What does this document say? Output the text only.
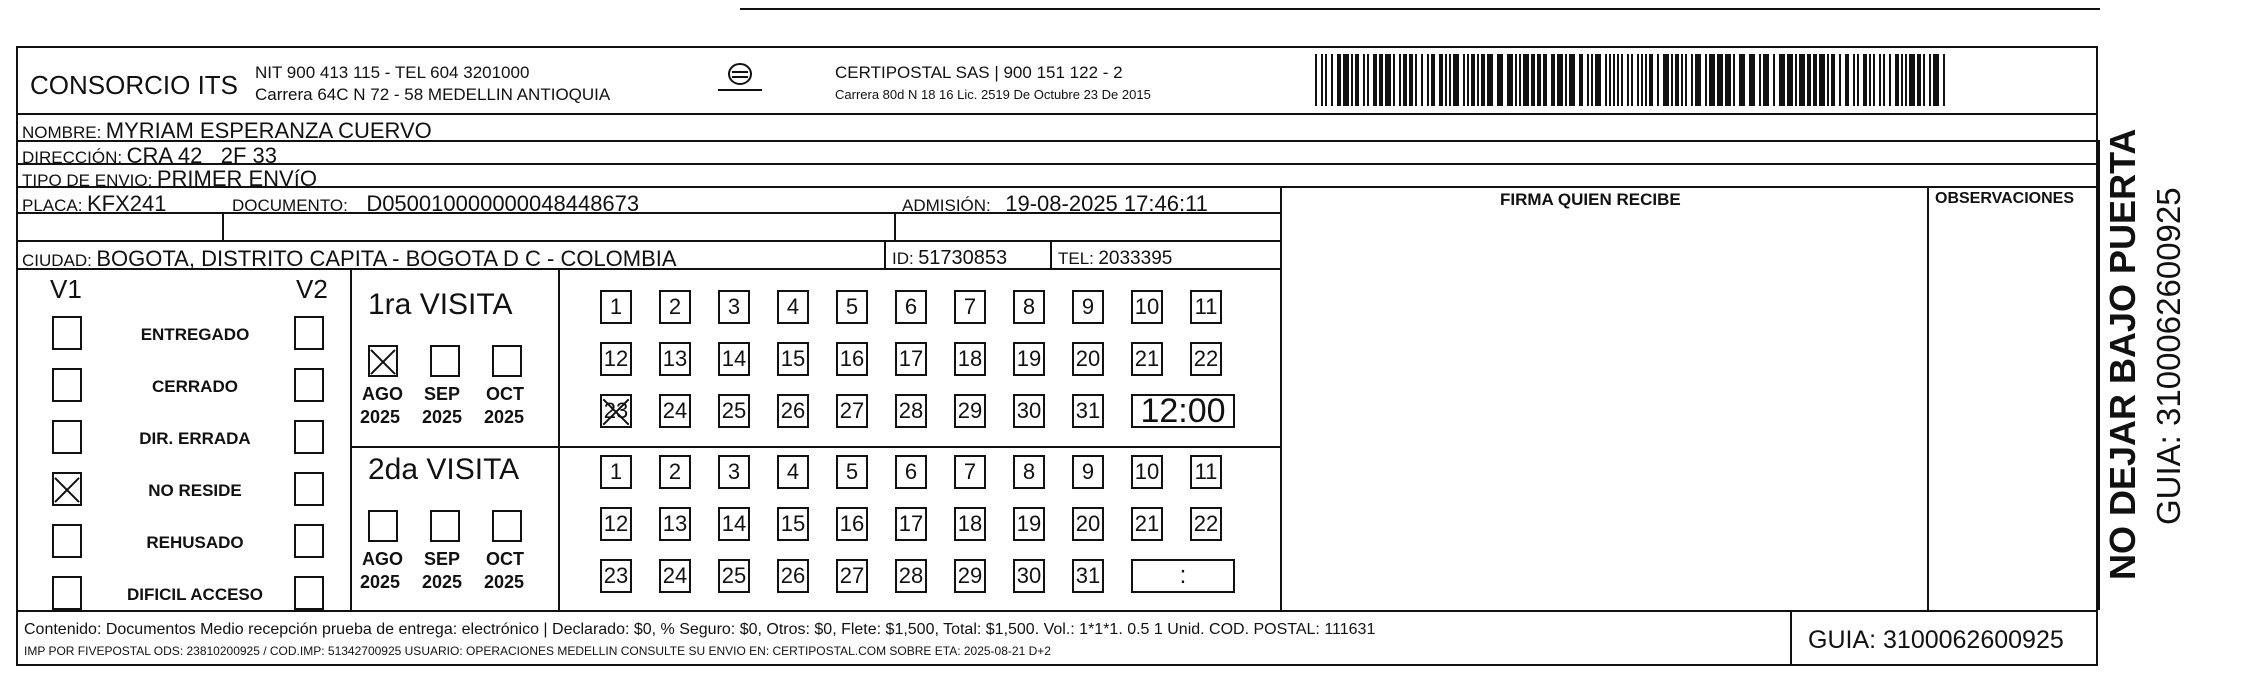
CONSORCIO ITS NIT 900 413 115 - TEL 604 3201000
Carrera 64C N 72 - 58 MEDELLIN ANTIOQUIA
CERTIPOSTAL SAS | 900 151 122 - 2
Carrera 80d N 18 16 Lic. 2519 De Octubre 23 De 2015
NOMBRE: MYRIAM ESPERANZA CUERVO
DIRECCIÓN: CRA 42   2F 33
TIPO DE ENVIO: PRIMER ENVíO
PLACA: KFX241	DOCUMENTO: D050010000000048448673	ADMISIÓN: 19-08-2025 17:46:11
CIUDAD: BOGOTA, DISTRITO CAPITA - BOGOTA D C - COLOMBIA	ID: 51730853	TEL: 2033395
FIRMA QUIEN RECIBE	OBSERVACIONES
V1	V2
ENTREGADO
CERRADO
DIR. ERRADA
NO RESIDE
REHUSADO
DIFICIL ACCESO
1ra VISITA
2da VISITA
AGO
2025
SEP
2025
OCT
2025
AGO
2025
SEP
2025
OCT
2025
1	2	3	4	5	6	7	8	9	10 11
12 13 14 15 16 17 18 19 20 21 22
23 24 25 26 27 28 29 30 31 12:00
1	2	3	4	5	6	7	8	9	10 11
12 13 14 15 16 17 18 19 20 21 22
23 24 25 26 27 28 29 30 31	:
Contenido: Documentos Medio recepción prueba de entrega: electrónico | Declarado: $0, % Seguro: $0, Otros: $0, Flete: $1,500, Total: $1,500. Vol.: 1*1*1. 0.5 1 Unid. COD. POSTAL: 111631
IMP POR FIVEPOSTAL ODS: 23810200925 / COD.IMP: 51342700925 USUARIO: OPERACIONES MEDELLIN CONSULTE SU ENVIO EN: CERTIPOSTAL.COM SOBRE ETA: 2025-08-21 D+2	GUIA: 3100062600925
NO DEJAR BAJO PUERTA GUIA: 3100062600925
